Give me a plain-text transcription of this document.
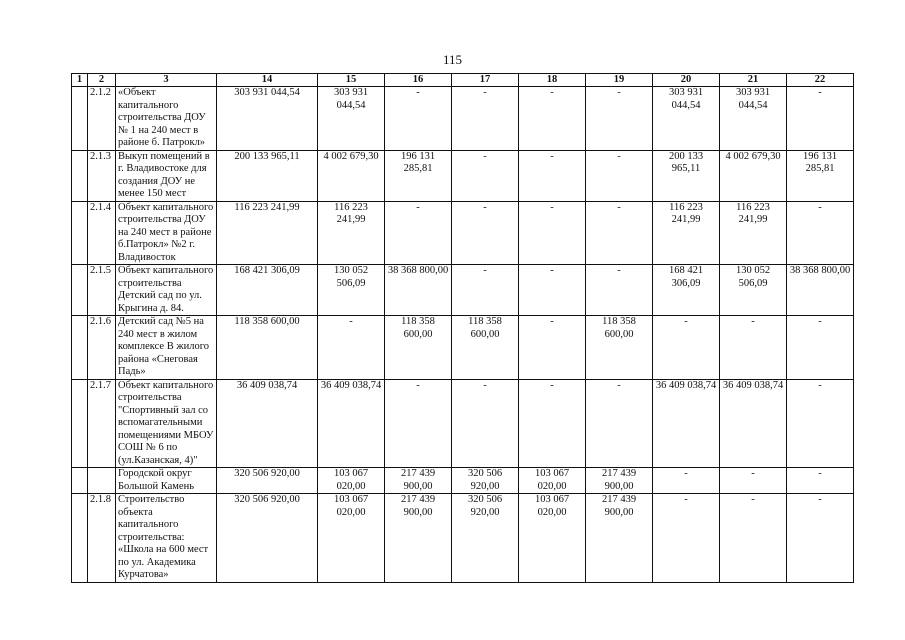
115
1	2	3	14	15	16	17	18	19	20	21	22
	2.1.2	«Объект капитального строительства ДОУ № 1 на 240 мест в районе б. Патрокл»	303 931 044,54	303 931 044,54	-	-	-	-	303 931 044,54	303 931 044,54	-
	2.1.3	Выкуп помещений в г. Владивостоке для создания ДОУ не менее 150 мест	200 133 965,11	4 002 679,30	196 131 285,81	-	-	-	200 133 965,11	4 002 679,30	196 131 285,81
	2.1.4	Объект капитального строительства ДОУ на 240 мест в районе б.Патрокл» №2 г. Владивосток	116 223 241,99	116 223 241,99	-	-	-	-	116 223 241,99	116 223 241,99	-
	2.1.5	Объект капитального строительства Детский сад по ул. Крыгина д. 84.	168 421 306,09	130 052 506,09	38 368 800,00	-	-	-	168 421 306,09	130 052 506,09	38 368 800,00
	2.1.6	Детский сад №5 на 240 мест в жилом комплексе В жилого района «Снеговая Падь»	118 358 600,00	-	118 358 600,00	118 358 600,00	-	118 358 600,00	-	-	-
	2.1.7	Объект капитального строительства "Спортивный зал со вспомагательными помещениями МБОУ СОШ № 6 по (ул.Казанская, 4)"	36 409 038,74	36 409 038,74	-	-	-	-	36 409 038,74	36 409 038,74	-
		Городской округ Большой Камень	320 506 920,00	103 067 020,00	217 439 900,00	320 506 920,00	103 067 020,00	217 439 900,00	-	-	-
	2.1.8	Строительство объекта капитального строительства: «Школа на 600 мест по ул. Академика Курчатова»	320 506 920,00	103 067 020,00	217 439 900,00	320 506 920,00	103 067 020,00	217 439 900,00	-	-	-
